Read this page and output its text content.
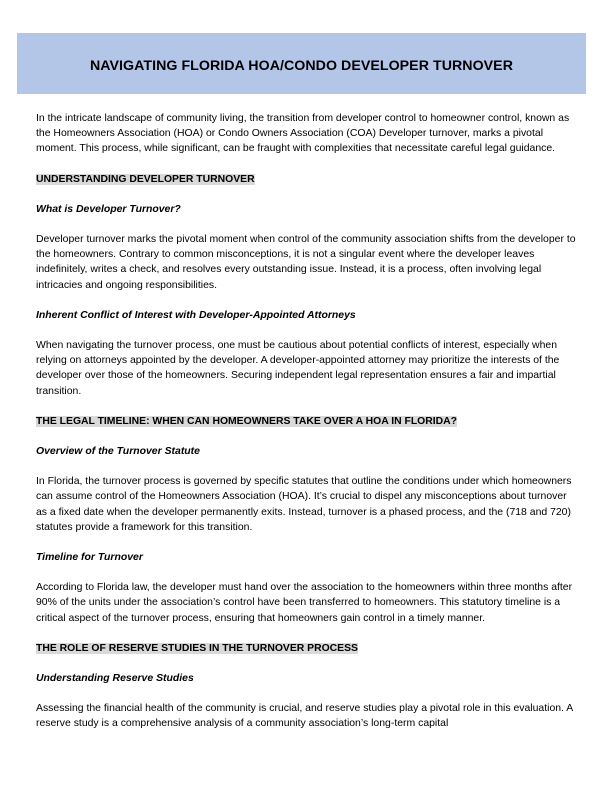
NAVIGATING FLORIDA HOA/CONDO DEVELOPER TURNOVER

In the intricate landscape of community living, the transition from developer control to homeowner control, known as the Homeowners Association (HOA) or Condo Owners Association (COA) Developer turnover, marks a pivotal moment. This process, while significant, can be fraught with complexities that necessitate careful legal guidance.

UNDERSTANDING DEVELOPER TURNOVER

What is Developer Turnover?

Developer turnover marks the pivotal moment when control of the community association shifts from the developer to the homeowners. Contrary to common misconceptions, it is not a singular event where the developer leaves indefinitely, writes a check, and resolves every outstanding issue. Instead, it is a process, often involving legal intricacies and ongoing responsibilities.

Inherent Conflict of Interest with Developer-Appointed Attorneys

When navigating the turnover process, one must be cautious about potential conflicts of interest, especially when relying on attorneys appointed by the developer. A developer-appointed attorney may prioritize the interests of the developer over those of the homeowners. Securing independent legal representation ensures a fair and impartial transition.

THE LEGAL TIMELINE: WHEN CAN HOMEOWNERS TAKE OVER A HOA IN FLORIDA?

Overview of the Turnover Statute

In Florida, the turnover process is governed by specific statutes that outline the conditions under which homeowners can assume control of the Homeowners Association (HOA). It’s crucial to dispel any misconceptions about turnover as a fixed date when the developer permanently exits. Instead, turnover is a phased process, and the (718 and 720) statutes provide a framework for this transition.

Timeline for Turnover

According to Florida law, the developer must hand over the association to the homeowners within three months after 90% of the units under the association’s control have been transferred to homeowners. This statutory timeline is a critical aspect of the turnover process, ensuring that homeowners gain control in a timely manner.

THE ROLE OF RESERVE STUDIES IN THE TURNOVER PROCESS

Understanding Reserve Studies

Assessing the financial health of the community is crucial, and reserve studies play a pivotal role in this evaluation. A reserve study is a comprehensive analysis of a community association’s long-term capital
